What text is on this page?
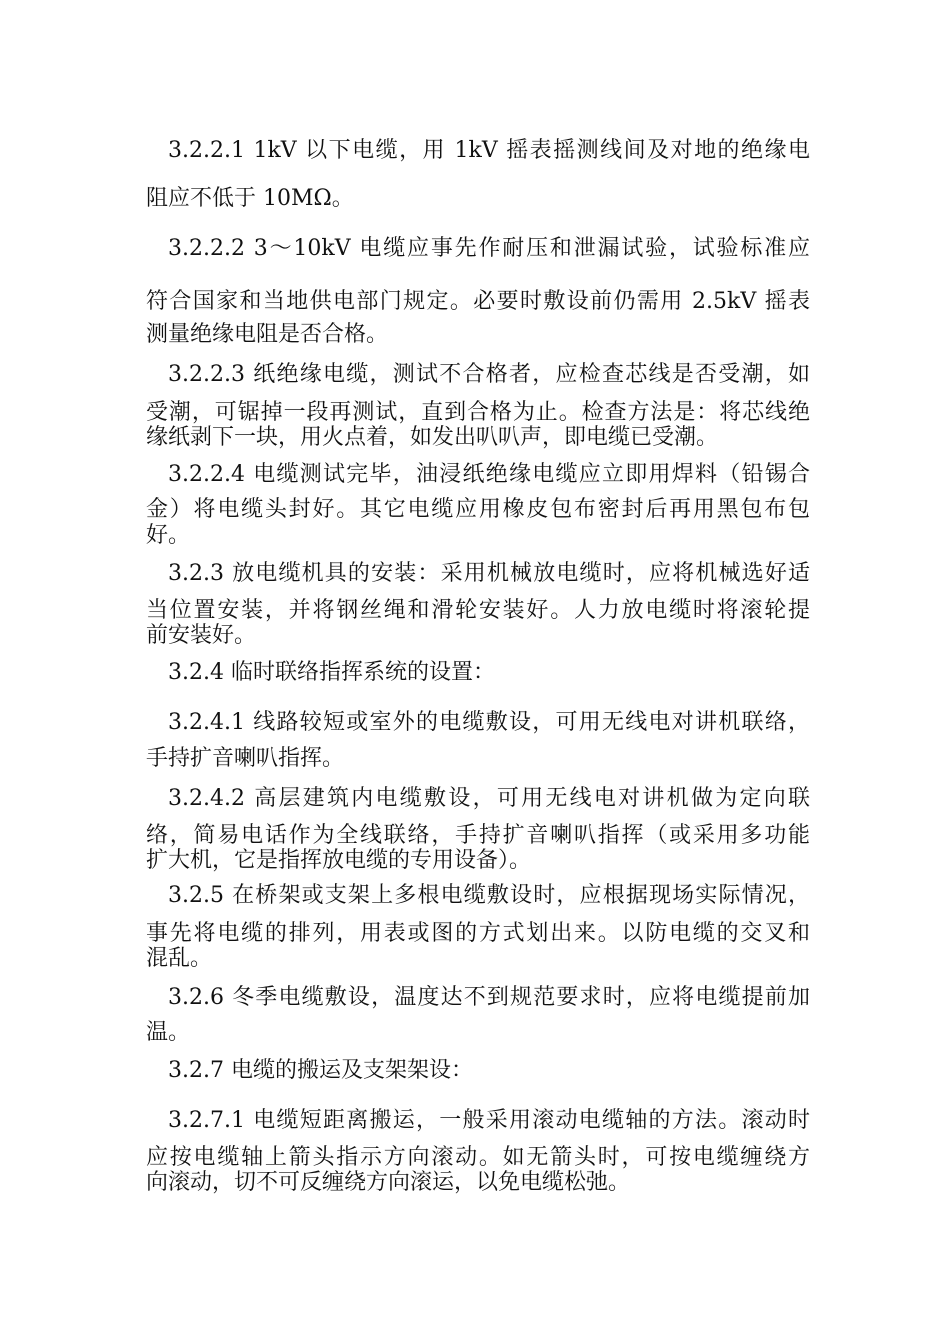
3.2.2.1 1kV 以下电缆，用 1kV 摇表摇测线间及对地的绝缘电
阻应不低于 10MΩ。
3.2.2.2 3～10kV 电缆应事先作耐压和泄漏试验，试验标准应
符合国家和当地供电部门规定。必要时敷设前仍需用 2.5kV 摇表
测量绝缘电阻是否合格。
3.2.2.3 纸绝缘电缆，测试不合格者，应检查芯线是否受潮，如
受潮，可锯掉一段再测试，直到合格为止。检查方法是：将芯线绝
缘纸剥下一块，用火点着，如发出叭叭声，即电缆已受潮。
3.2.2.4 电缆测试完毕，油浸纸绝缘电缆应立即用焊料（铅锡合
金）将电缆头封好。其它电缆应用橡皮包布密封后再用黑包布包
好。
3.2.3 放电缆机具的安装：采用机械放电缆时，应将机械选好适
当位置安装，并将钢丝绳和滑轮安装好。人力放电缆时将滚轮提
前安装好。
3.2.4 临时联络指挥系统的设置：
3.2.4.1 线路较短或室外的电缆敷设，可用无线电对讲机联络，
手持扩音喇叭指挥。
3.2.4.2 高层建筑内电缆敷设，可用无线电对讲机做为定向联
络，简易电话作为全线联络，手持扩音喇叭指挥（或采用多功能
扩大机，它是指挥放电缆的专用设备）。
3.2.5 在桥架或支架上多根电缆敷设时，应根据现场实际情况，
事先将电缆的排列，用表或图的方式划出来。以防电缆的交叉和
混乱。
3.2.6 冬季电缆敷设，温度达不到规范要求时，应将电缆提前加
温。
3.2.7 电缆的搬运及支架架设：
3.2.7.1 电缆短距离搬运，一般采用滚动电缆轴的方法。滚动时
应按电缆轴上箭头指示方向滚动。如无箭头时，可按电缆缠绕方
向滚动，切不可反缠绕方向滚运，以免电缆松弛。
